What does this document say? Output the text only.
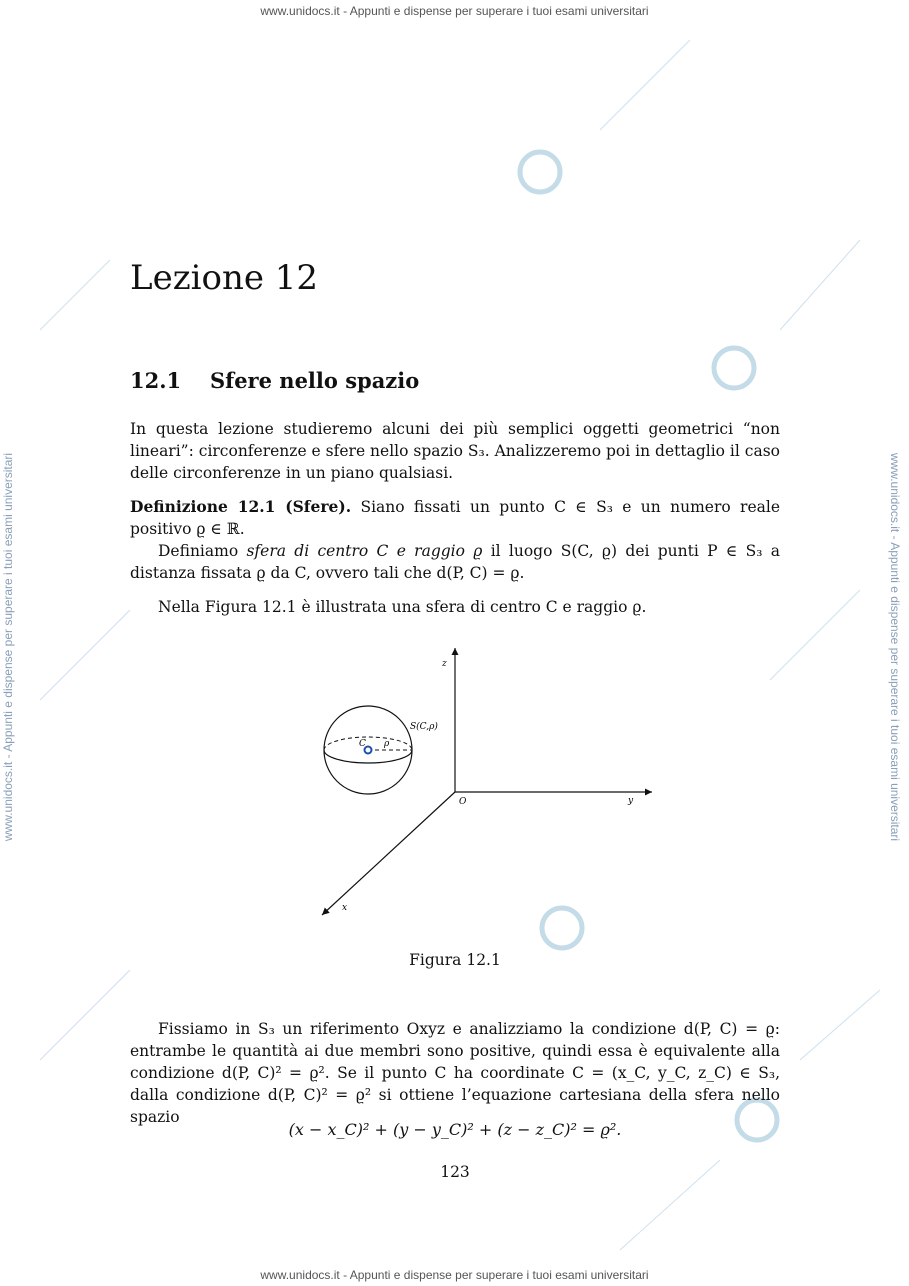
www.unidocs.it - Appunti e dispense per superare i tuoi esami universitari
www.unidocs.it - Appunti e dispense per superare i tuoi esami universitari	www.unidocs.it - Appunti e dispense per superare i tuoi esami universitari
Lezione 12
12.1 Sfere nello spazio
In questa lezione studieremo alcuni dei più semplici oggetti geometrici “non lineari”: circonferenze e sfere nello spazio S₃. Analizzeremo poi in dettaglio il caso delle circonferenze in un piano qualsiasi.
Definizione 12.1 (Sfere). Siano fissati un punto C ∈ S₃ e un numero reale positivo ϱ ∈ ℝ.
Definiamo sfera di centro C e raggio ϱ il luogo S(C, ϱ) dei punti P ∈ S₃ a distanza fissata ϱ da C, ovvero tali che d(P, C) = ϱ.
Nella Figura 12.1 è illustrata una sfera di centro C e raggio ϱ.
z
y
x
O
C ρ
S(C,ρ)
Figura 12.1
Fissiamo in S₃ un riferimento Oxyz e analizziamo la condizione d(P, C) = ϱ: entrambe le quantità ai due membri sono positive, quindi essa è equivalente alla condizione d(P, C)² = ϱ². Se il punto C ha coordinate C = (x_C, y_C, z_C) ∈ S₃, dalla condizione d(P, C)² = ϱ² si ottiene l’equazione cartesiana della sfera nello spazio
(x − x_C)² + (y − y_C)² + (z − z_C)² = ϱ².
123
www.unidocs.it - Appunti e dispense per superare i tuoi esami universitari
